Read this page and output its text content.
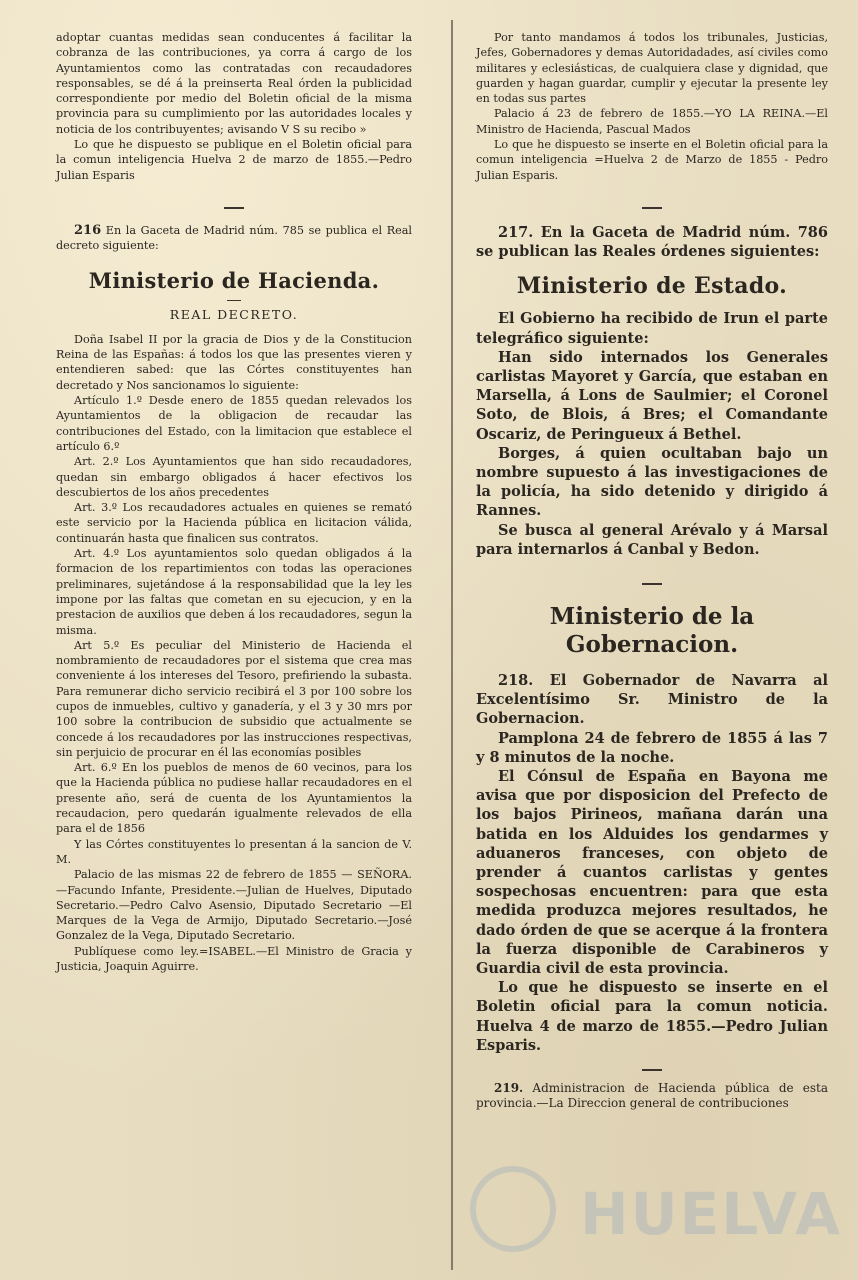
adoptar cuantas medidas sean conducentes á facilitar la cobranza de las contribuciones, ya corra á cargo de los Ayuntamientos como las contratadas con recaudadores responsables, se dé á la preinserta Real órden la publicidad correspondiente por medio del Boletin oficial de la misma provincia para su cumplimiento por las autoridades locales y noticia de los contribuyentes; avisando V S su recibo »

Lo que he dispuesto se publique en el Boletin oficial para la comun inteligencia Huelva 2 de marzo de 1855.—Pedro Julian Esparis

216 En la Gaceta de Madrid núm. 785 se publica el Real decreto siguiente:

Ministerio de Hacienda.
REAL DECRETO.

Doña Isabel II por la gracia de Dios y de la Constitucion Reina de las Españas: á todos los que las presentes vieren y entendieren sabed: que las Córtes constituyentes han decretado y Nos sancionamos lo siguiente:

Artículo 1.º Desde enero de 1855 quedan relevados los Ayuntamientos de la obligacion de recaudar las contribuciones del Estado, con la limitacion que establece el artículo 6.º

Art. 2.º Los Ayuntamientos que han sido recaudadores, quedan sin embargo obligados á hacer efectivos los descubiertos de los años precedentes

Art. 3.º Los recaudadores actuales en quienes se remató este servicio por la Hacienda pública en licitacion válida, continuarán hasta que finalicen sus contratos.

Art. 4.º Los ayuntamientos solo quedan obligados á la formacion de los repartimientos con todas las operaciones preliminares, sujetándose á la responsabilidad que la ley les impone por las faltas que cometan en su ejecucion, y en la prestacion de auxilios que deben á los recaudadores, segun la misma.

Art 5.º Es peculiar del Ministerio de Hacienda el nombramiento de recaudadores por el sistema que crea mas conveniente á los intereses del Tesoro, prefiriendo la subasta. Para remunerar dicho servicio recibirá el 3 por 100 sobre los cupos de inmuebles, cultivo y ganadería, y el 3 y 30 mrs por 100 sobre la contribucion de subsidio que actualmente se concede á los recaudadores por las instrucciones respectivas, sin perjuicio de procurar en él las economías posibles

Art. 6.º En los pueblos de menos de 60 vecinos, para los que la Hacienda pública no pudiese hallar recaudadores en el presente año, será de cuenta de los Ayuntamientos la recaudacion, pero quedarán igualmente relevados de ella para el de 1856

Y las Córtes constituyentes lo presentan á la sancion de V. M.

Palacio de las mismas 22 de febrero de 1855 — SEÑORA.—Facundo Infante, Presidente.—Julian de Huelves, Diputado Secretario.—Pedro Calvo Asensio, Diputado Secretario —El Marques de la Vega de Armijo, Diputado Secretario.—José Gonzalez de la Vega, Diputado Secretario.

Publíquese como ley.=ISABEL.—El Ministro de Gracia y Justicia, Joaquin Aguirre.

Por tanto mandamos á todos los tribunales, Justicias, Jefes, Gobernadores y demas Autoridadades, así civiles como militares y eclesiásticas, de cualquiera clase y dignidad, que guarden y hagan guardar, cumplir y ejecutar la presente ley en todas sus partes

Palacio á 23 de febrero de 1855.—YO LA REINA.—El Ministro de Hacienda, Pascual Mados

Lo que he dispuesto se inserte en el Boletin oficial para la comun inteligencia =Huelva 2 de Marzo de 1855 - Pedro Julian Esparis.

217. En la Gaceta de Madrid núm. 786 se publican las Reales órdenes siguientes:

Ministerio de Estado.

El Gobierno ha recibido de Irun el parte telegráfico siguiente:

Han sido internados los Generales carlistas Mayoret y García, que estaban en Marsella, á Lons de Saulmier; el Coronel Soto, de Blois, á Bres; el Comandante Oscariz, de Peringueux á Bethel.

Borges, á quien ocultaban bajo un nombre supuesto á las investigaciones de la policía, ha sido detenido y dirigido á Rannes.

Se busca al general Arévalo y á Marsal para internarlos á Canbal y Bedon.

Ministerio de la Gobernacion.

218. El Gobernador de Navarra al Excelentísimo Sr. Ministro de la Gobernacion.

Pamplona 24 de febrero de 1855 á las 7 y 8 minutos de la noche.

El Cónsul de España en Bayona me avisa que por disposicion del Prefecto de los bajos Pirineos, mañana darán una batida en los Alduides los gendarmes y aduaneros franceses, con objeto de prender á cuantos carlistas y gentes sospechosas encuentren: para que esta medida produzca mejores resultados, he dado órden de que se acerque á la frontera la fuerza disponible de Carabineros y Guardia civil de esta provincia.

Lo que he dispuesto se inserte en el Boletin oficial para la comun noticia. Huelva 4 de marzo de 1855.—Pedro Julian Esparis.

219. Administracion de Hacienda pública de esta provincia.—La Direccion general de contribuciones

HUELVA
